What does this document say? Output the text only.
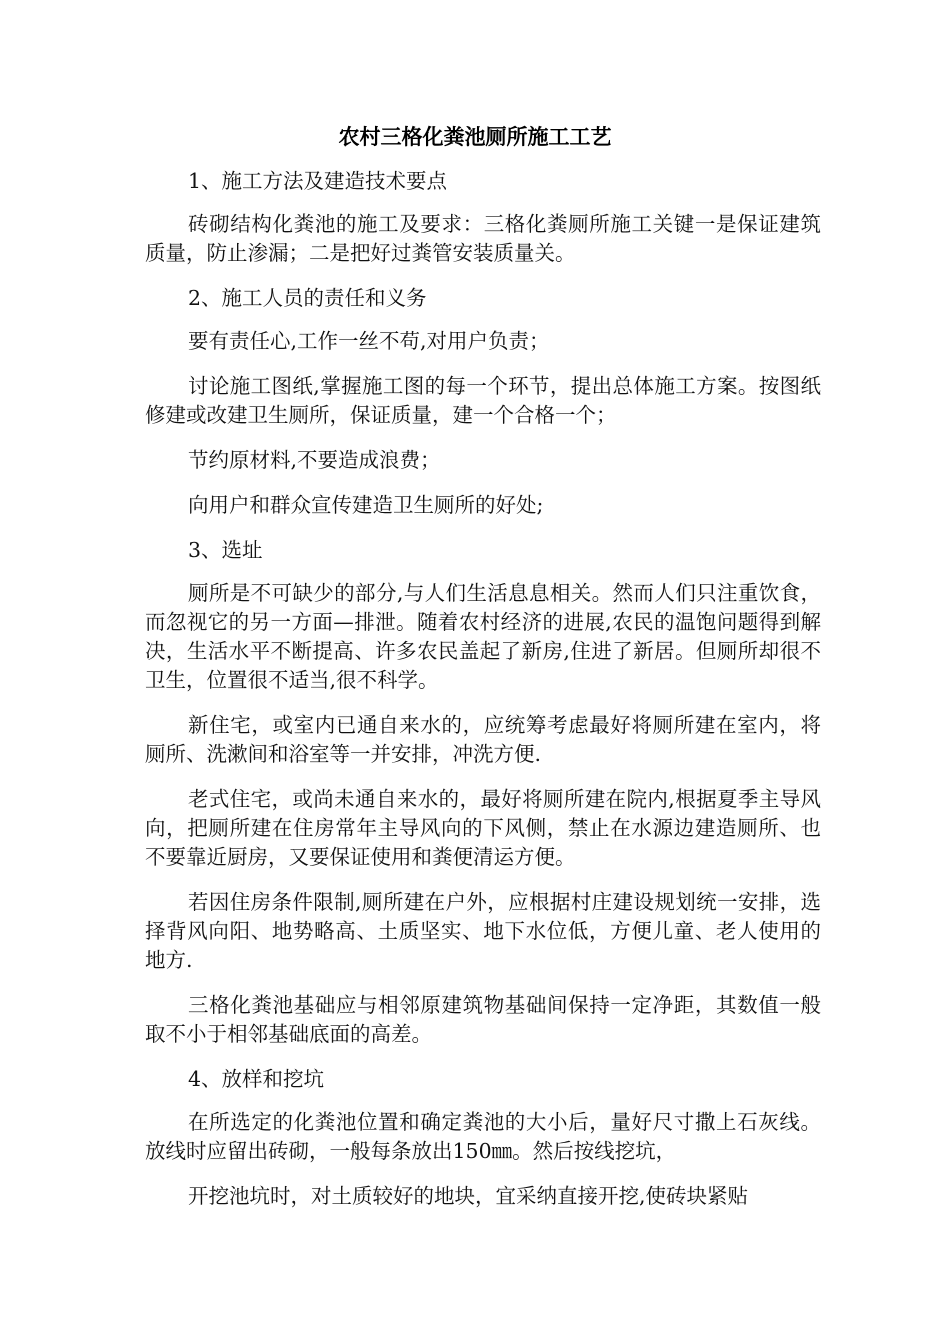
农村三格化粪池厕所施工工艺

1、施工方法及建造技术要点

砖砌结构化粪池的施工及要求：三格化粪厕所施工关键一是保证建筑质量，防止渗漏；二是把好过粪管安装质量关。

2、施工人员的责任和义务

要有责任心,工作一丝不苟,对用户负责；

讨论施工图纸,掌握施工图的每一个环节，提出总体施工方案。按图纸修建或改建卫生厕所，保证质量，建一个合格一个；

节约原材料,不要造成浪费；

向用户和群众宣传建造卫生厕所的好处;

3、选址

厕所是不可缺少的部分,与人们生活息息相关。然而人们只注重饮食，而忽视它的另一方面—排泄。随着农村经济的进展,农民的温饱问题得到解决，生活水平不断提高、许多农民盖起了新房,住进了新居。但厕所却很不卫生，位置很不适当,很不科学。

新住宅，或室内已通自来水的，应统筹考虑最好将厕所建在室内，将厕所、洗漱间和浴室等一并安排，冲洗方便.

老式住宅，或尚未通自来水的，最好将厕所建在院内,根据夏季主导风向，把厕所建在住房常年主导风向的下风侧，禁止在水源边建造厕所、也不要靠近厨房，又要保证使用和粪便清运方便。

若因住房条件限制,厕所建在户外，应根据村庄建设规划统一安排，选择背风向阳、地势略高、土质坚实、地下水位低，方便儿童、老人使用的地方.

三格化粪池基础应与相邻原建筑物基础间保持一定净距，其数值一般取不小于相邻基础底面的高差。

4、放样和挖坑

在所选定的化粪池位置和确定粪池的大小后，量好尺寸撒上石灰线。放线时应留出砖砌，一般每条放出150㎜。然后按线挖坑，

开挖池坑时，对土质较好的地块，宜采纳直接开挖,使砖块紧贴
